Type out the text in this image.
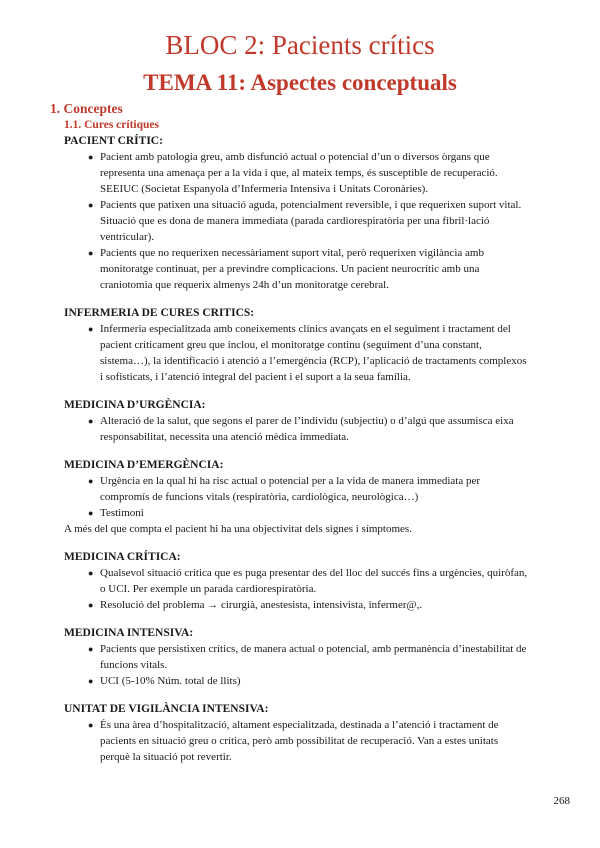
BLOC 2: Pacients crítics
TEMA 11: Aspectes conceptuals
1. Conceptes
1.1. Cures crítiques
PACIENT CRÍTIC:
● Pacient amb patologia greu, amb disfunció actual o potencial d’un o diversos òrgans que
representa una amenaça per a la vida i que, al mateix temps, és susceptible de recuperació.
SEEIUC (Societat Espanyola d’Infermeria Intensiva i Unitats Coronàries).
● Pacients que patixen una situació aguda, potencialment reversible, i que requerixen suport vital.
Situació que es dona de manera immediata (parada cardiorespiratòria per una fibril·lació
ventricular).
● Pacients que no requerixen necessàriament suport vital, però requerixen vigilància amb
monitoratge continuat, per a previndre complicacions. Un pacient neurocrític amb una
craniotomia que requerix almenys 24h d’un monitoratge cerebral.
INFERMERIA DE CURES CRITICS:
● Infermeria especialitzada amb coneixements clínics avançats en el seguiment i tractament del
pacient críticament greu que inclou, el monitoratge continu (seguiment d’una constant,
sistema…), la identificació i atenció a l’emergència (RCP), l’aplicació de tractaments complexos
i sofisticats, i l’atenció integral del pacient i el suport a la seua família.
MEDICINA D’URGÈNCIA:
● Alteració de la salut, que segons el parer de l’individu (subjectiu) o d’algú que assumisca eixa
responsabilitat, necessita una atenció mèdica immediata.
MEDICINA D’EMERGÈNCIA:
● Urgència en la qual hi ha risc actual o potencial per a la vida de manera immediata per
compromís de funcions vitals (respiratòria, cardiològica, neurològica…)
● Testimoni
A més del que compta el pacient hi ha una objectivitat dels signes i símptomes.
MEDICINA CRÍTICA:
● Qualsevol situació crítica que es puga presentar des del lloc del succés fins a urgències, quiròfan,
o UCI. Per exemple un parada cardiorespiratòria.
● Resolució del problema → cirurgià, anestesista, intensivista, infermer@,.
MEDICINA INTENSIVA:
● Pacients que persistixen crítics, de manera actual o potencial, amb permanència d’inestabilitat de
funcions vitals.
● UCI (5-10% Núm. total de llits)
UNITAT DE VIGILÀNCIA INTENSIVA:
● És una àrea d’hospitalització, altament especialitzada, destinada a l’atenció i tractament de
pacients en situació greu o crítica, però amb possibilitat de recuperació. Van a estes unitats
perquè la situació pot revertir.
268
